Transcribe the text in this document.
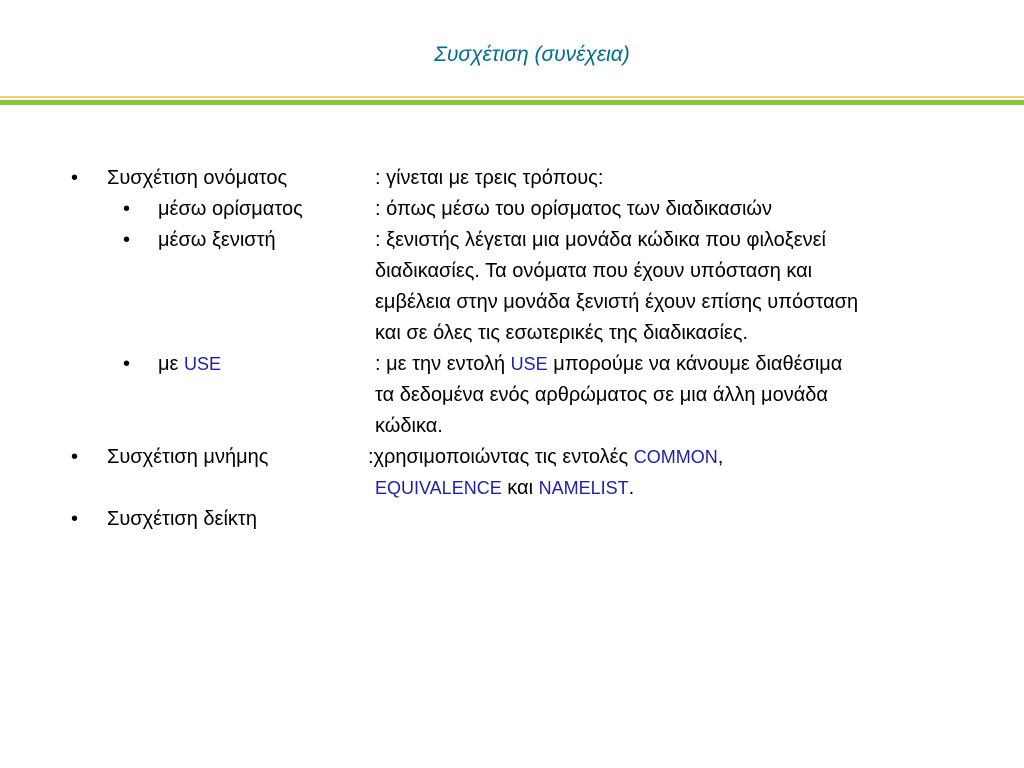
Συσχέτιση (συνέχεια)
• Συσχέτιση ονόματος	: γίνεται με τρεις τρόπους:
• μέσω ορίσματος	: όπως μέσω του ορίσματος των διαδικασιών
• μέσω ξενιστή	: ξενιστής λέγεται μια μονάδα κώδικα που φιλοξενεί
διαδικασίες. Τα ονόματα που έχουν υπόσταση και
εμβέλεια στην μονάδα ξενιστή έχουν επίσης υπόσταση
και σε όλες τις εσωτερικές της διαδικασίες.
• με USE	: με την εντολή USE μπορούμε να κάνουμε διαθέσιμα
τα δεδομένα ενός αρθρώματος σε μια άλλη μονάδα
κώδικα.
• Συσχέτιση μνήμης	:χρησιμοποιώντας τις εντολές COMMON,
EQUIVALENCE και NAMELIST.
• Συσχέτιση δείκτη
